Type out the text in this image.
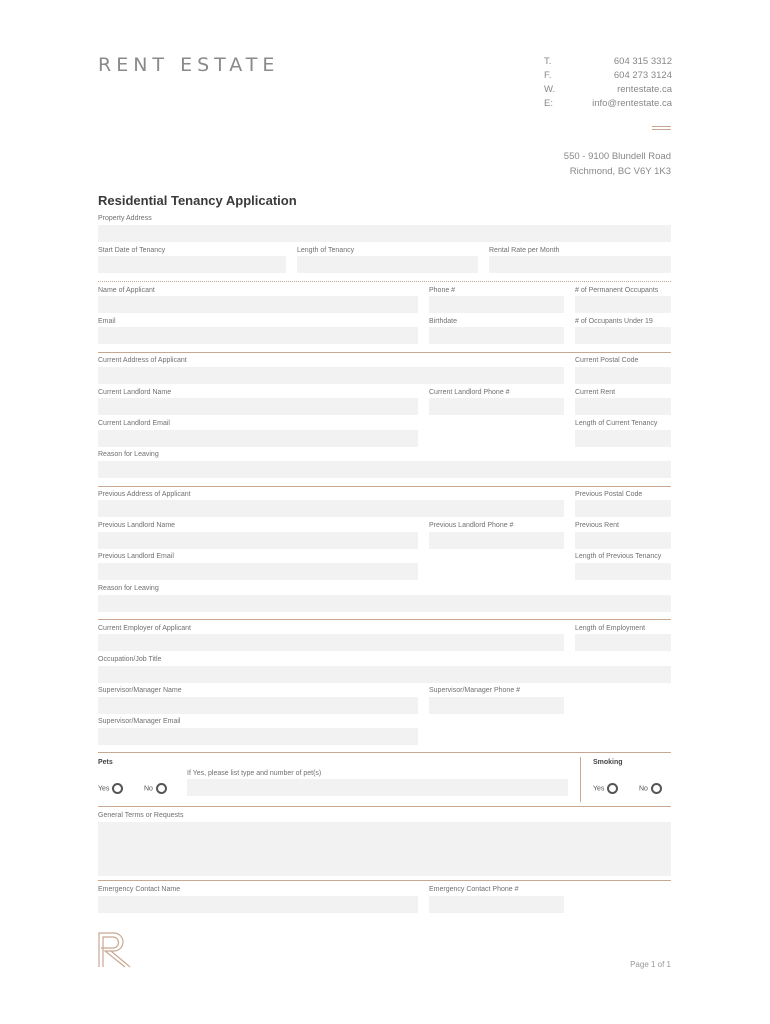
RENT ESTATE	T.	604 315 3312
F.	604 273 3124
W.	rentestate.ca
E:	info@rentestate.ca
550 - 9100 Blundell Road
Richmond, BC V6Y 1K3
Residential Tenancy Application
Property Address
Start Date of Tenancy	Length of Tenancy	Rental Rate per Month
Name of Applicant	Phone #	# of Permanent Occupants
Email	Birthdate	# of Occupants Under 19
Current Address of Applicant	Current Postal Code
Current Landlord Name	Current Landlord Phone #	Current Rent
Current Landlord Email	Length of Current Tenancy
Reason for Leaving
Previous Address of Applicant	Previous Postal Code
Previous Landlord Name	Previous Landlord Phone #	Previous Rent
Previous Landlord Email	Length of Previous Tenancy
Reason for Leaving
Current Employer of Applicant	Length of Employment
Occupation/Job Title
Supervisor/Manager Name	Supervisor/Manager Phone #
Supervisor/Manager Email
Pets
If Yes, please list type and number of pet(s)
Yes	No
Smoking
Yes	No
General Terms or Requests
Emergency Contact Name	Emergency Contact Phone #
Page 1 of 1
